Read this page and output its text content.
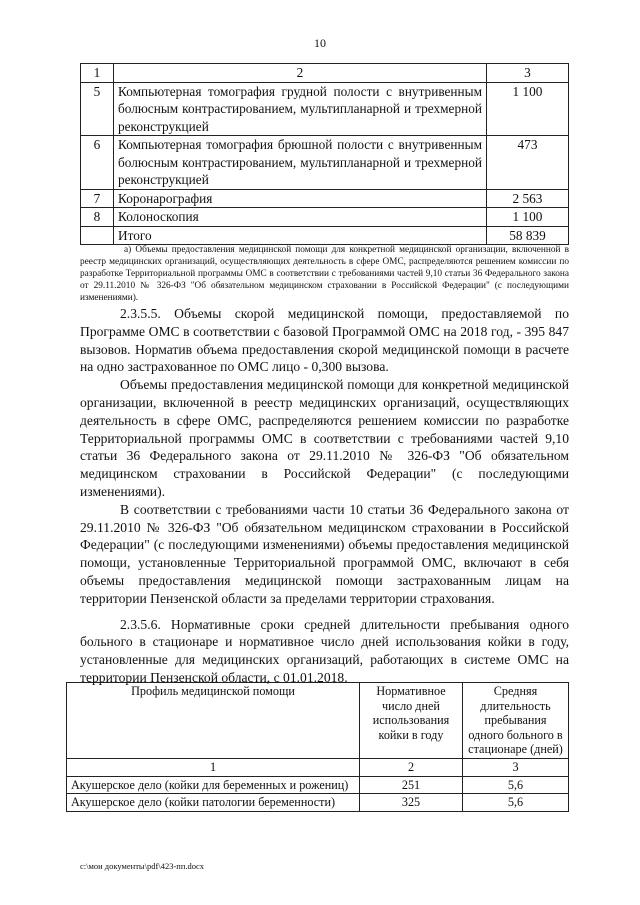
10
1	2	3
5	Компьютерная томография грудной полости с внутривенным болюсным контрастированием, мультипланарной и трехмерной реконструкцией	1 100
6	Компьютерная томография брюшной полости с внутривенным болюсным контрастированием, мультипланарной и трехмерной реконструкцией	473
7	Коронарография	2 563
8	Колоноскопия	1 100
	Итого	58 839
а) Объемы предоставления медицинской помощи для конкретной медицинской организации, включенной в реестр медицинских организаций, осуществляющих деятельность в сфере ОМС, распределяются решением комиссии по разработке Территориальной программы ОМС в соответствии с требованиями частей 9,10 статьи 36 Федерального закона от 29.11.2010 № 326-ФЗ "Об обязательном медицинском страховании в Российской Федерации" (с последующими изменениями).

2.3.5.5. Объемы скорой медицинской помощи, предоставляемой по Программе ОМС в соответствии с базовой Программой ОМС на 2018 год, - 395 847 вызовов. Норматив объема предоставления скорой медицинской помощи в расчете на одно застрахованное по ОМС лицо - 0,300 вызова.

Объемы предоставления медицинской помощи для конкретной медицинской организации, включенной в реестр медицинских организаций, осуществляющих деятельность в сфере ОМС, распределяются решением комиссии по разработке Территориальной программы ОМС в соответствии с требованиями частей 9,10 статьи 36 Федерального закона от 29.11.2010 № 326-ФЗ "Об обязательном медицинском страховании в Российской Федерации" (с последующими изменениями).

В соответствии с требованиями части 10 статьи 36 Федерального закона от 29.11.2010 № 326-ФЗ "Об обязательном медицинском страховании в Российской Федерации" (с последующими изменениями) объемы предоставления медицинской помощи, установленные Территориальной программой ОМС, включают в себя объемы предоставления медицинской помощи застрахованным лицам на территории Пензенской области за пределами территории страхования.

2.3.5.6. Нормативные сроки средней длительности пребывания одного больного в стационаре и нормативное число дней использования койки в году, установленные для медицинских организаций, работающих в системе ОМС на территории Пензенской области, с 01.01.2018.

Профиль медицинской помощи	Нормативное число дней использования койки в году	Средняя длительность пребывания одного больного в стационаре (дней)
1	2	3
Акушерское дело (койки для беременных и рожениц)	251	5,6
Акушерское дело (койки патологии беременности)	325	5,6
c:\мои документы\pdf\423-пп.docx
